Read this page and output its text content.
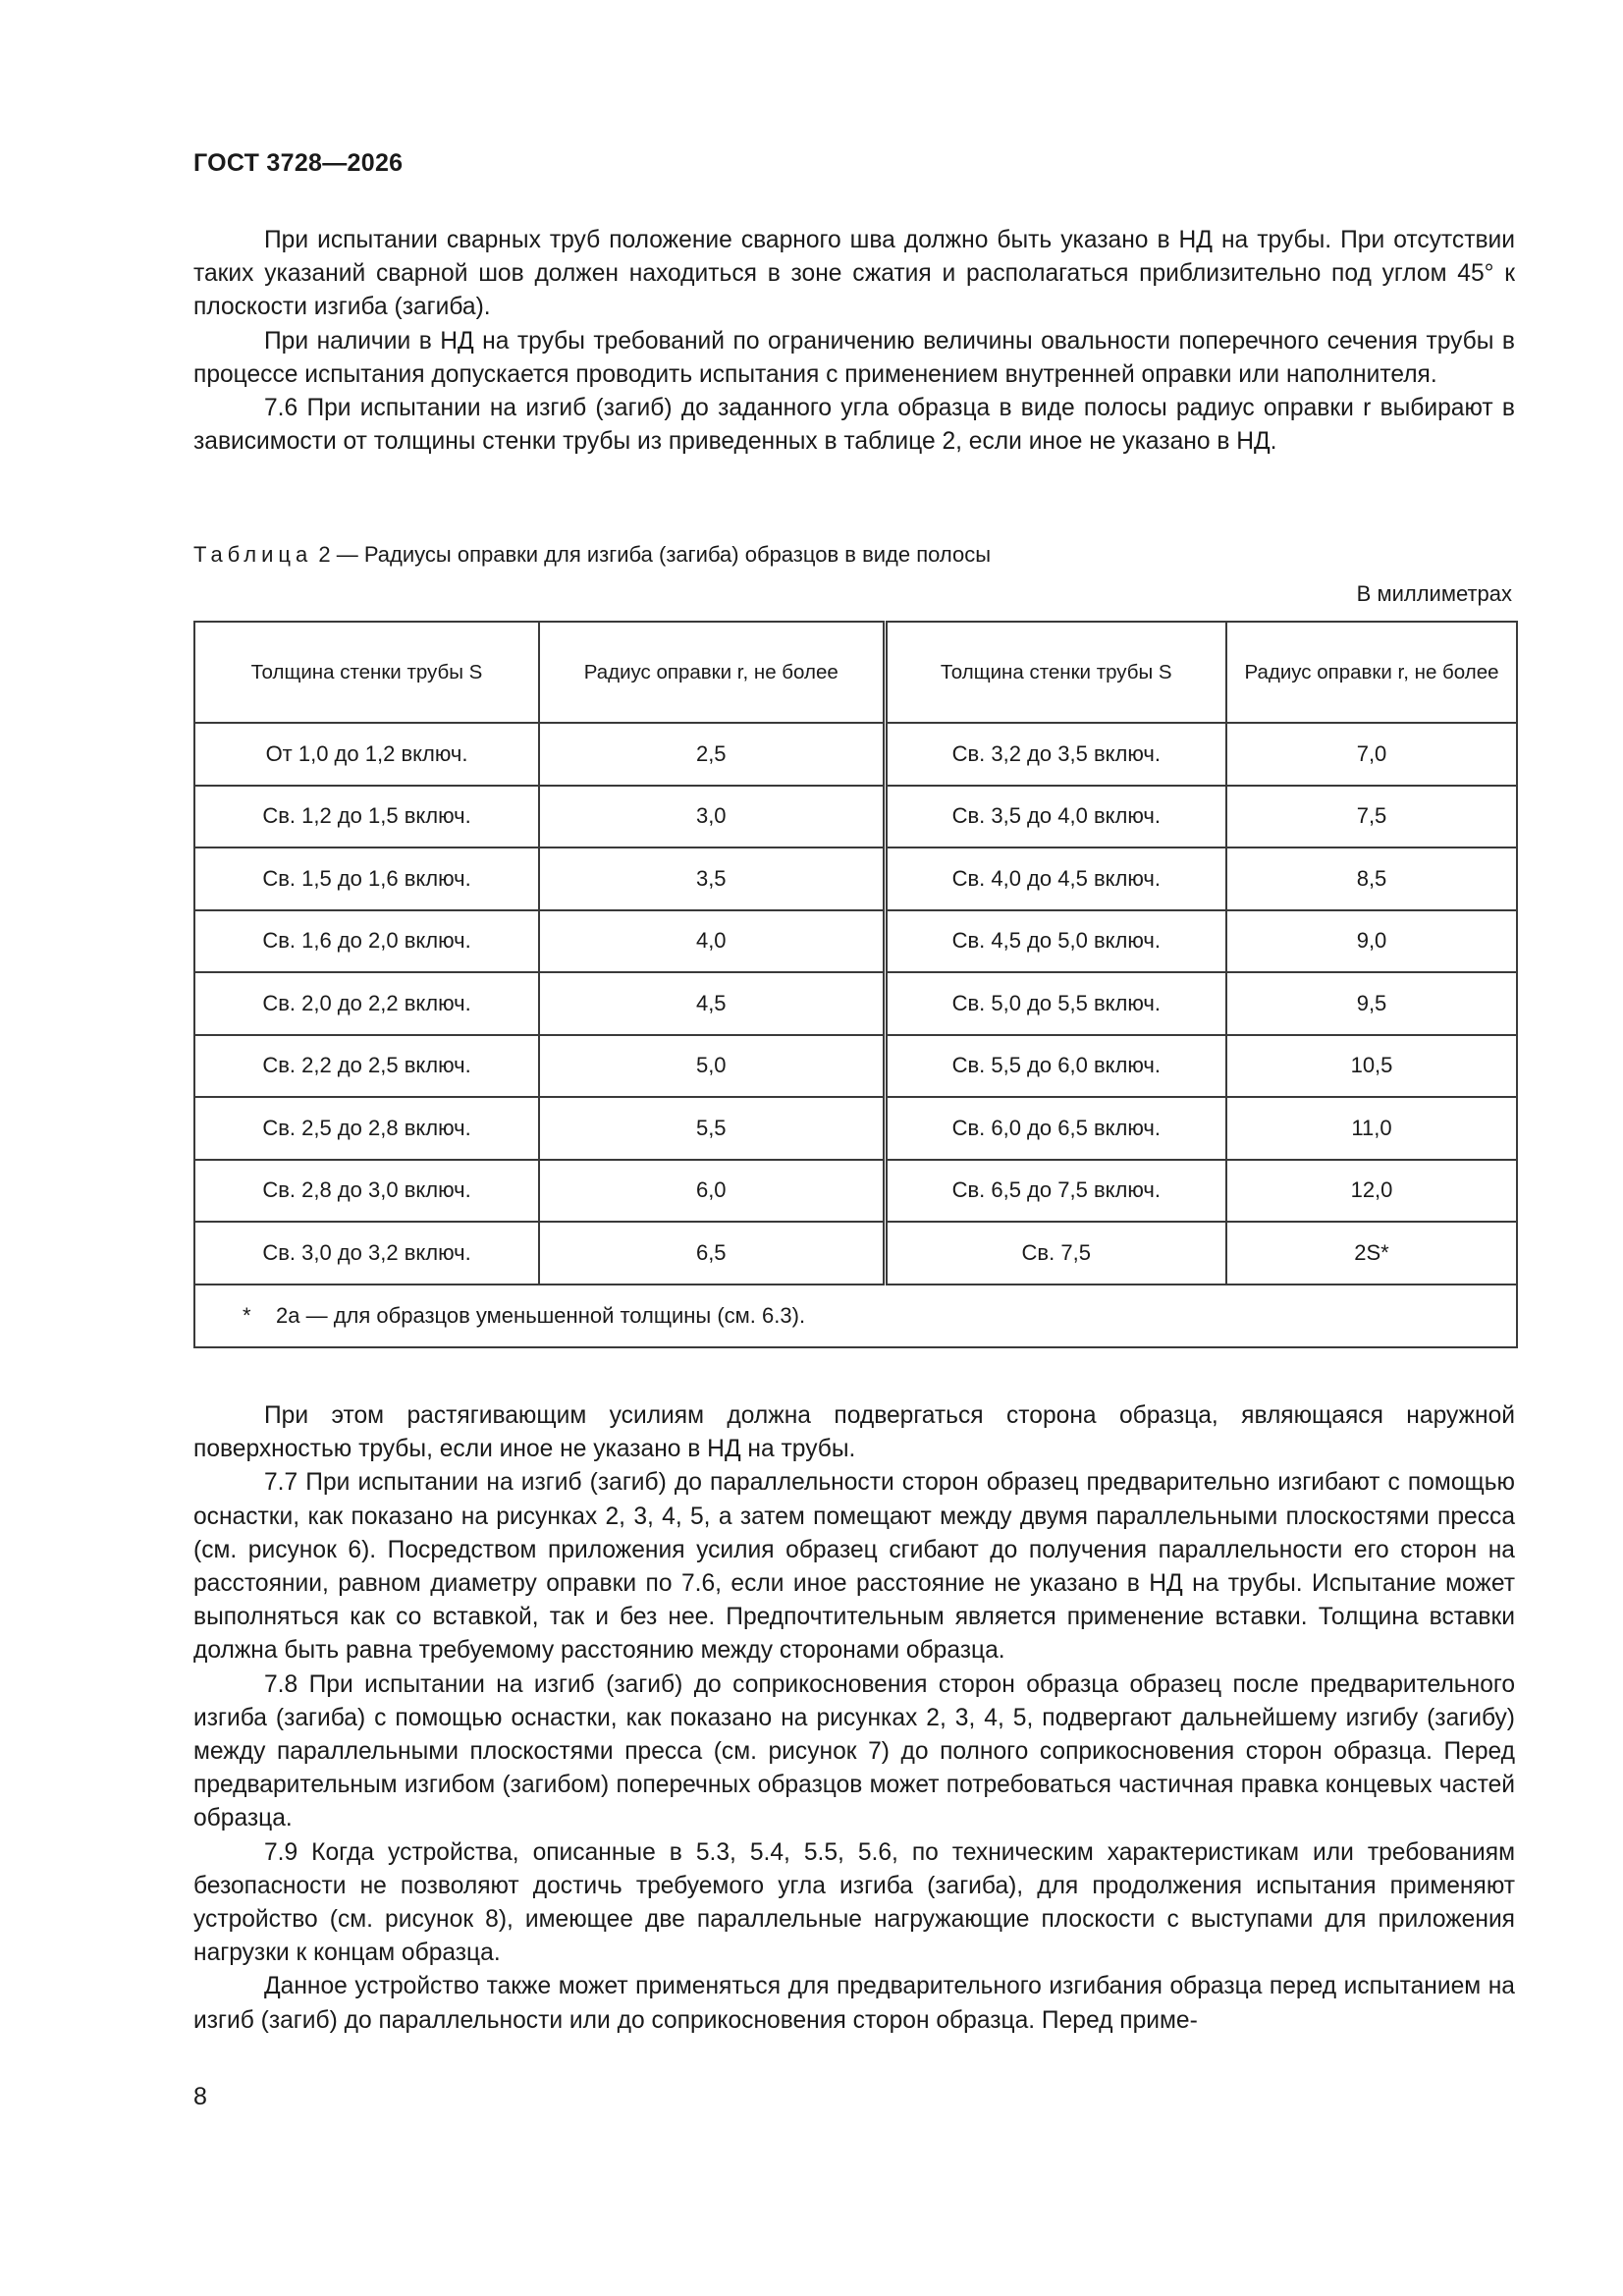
ГОСТ 3728—2026

При испытании сварных труб положение сварного шва должно быть указано в НД на трубы. При отсутствии таких указаний сварной шов должен находиться в зоне сжатия и располагаться приблизительно под углом 45° к плоскости изгиба (загиба).

При наличии в НД на трубы требований по ограничению величины овальности поперечного сечения трубы в процессе испытания допускается проводить испытания с применением внутренней оправки или наполнителя.

7.6 При испытании на изгиб (загиб) до заданного угла образца в виде полосы радиус оправки r выбирают в зависимости от толщины стенки трубы из приведенных в таблице 2, если иное не указано в НД.

Таблица 2 — Радиусы оправки для изгиба (загиба) образцов в виде полосы
В миллиметрах
Толщина стенки трубы S	Радиус оправки r, не более	Толщина стенки трубы S	Радиус оправки r, не более
От 1,0 до 1,2 включ.	2,5	Св. 3,2 до 3,5 включ.	7,0
Св. 1,2 до 1,5 включ.	3,0	Св. 3,5 до 4,0 включ.	7,5
Св. 1,5 до 1,6 включ.	3,5	Св. 4,0 до 4,5 включ.	8,5
Св. 1,6 до 2,0 включ.	4,0	Св. 4,5 до 5,0 включ.	9,0
Св. 2,0 до 2,2 включ.	4,5	Св. 5,0 до 5,5 включ.	9,5
Св. 2,2 до 2,5 включ.	5,0	Св. 5,5 до 6,0 включ.	10,5
Св. 2,5 до 2,8 включ.	5,5	Св. 6,0 до 6,5 включ.	11,0
Св. 2,8 до 3,0 включ.	6,0	Св. 6,5 до 7,5 включ.	12,0
Св. 3,0 до 3,2 включ.	6,5	Св. 7,5	2S*
* 2а — для образцов уменьшенной толщины (см. 6.3).			

При этом растягивающим усилиям должна подвергаться сторона образца, являющаяся наружной поверхностью трубы, если иное не указано в НД на трубы.

7.7 При испытании на изгиб (загиб) до параллельности сторон образец предварительно изгибают с помощью оснастки, как показано на рисунках 2, 3, 4, 5, а затем помещают между двумя параллельными плоскостями пресса (см. рисунок 6). Посредством приложения усилия образец сгибают до получения параллельности его сторон на расстоянии, равном диаметру оправки по 7.6, если иное расстояние не указано в НД на трубы. Испытание может выполняться как со вставкой, так и без нее. Предпочтительным является применение вставки. Толщина вставки должна быть равна требуемому расстоянию между сторонами образца.

7.8 При испытании на изгиб (загиб) до соприкосновения сторон образца образец после предварительного изгиба (загиба) с помощью оснастки, как показано на рисунках 2, 3, 4, 5, подвергают дальнейшему изгибу (загибу) между параллельными плоскостями пресса (см. рисунок 7) до полного соприкосновения сторон образца. Перед предварительным изгибом (загибом) поперечных образцов может потребоваться частичная правка концевых частей образца.

7.9 Когда устройства, описанные в 5.3, 5.4, 5.5, 5.6, по техническим характеристикам или требованиям безопасности не позволяют достичь требуемого угла изгиба (загиба), для продолжения испытания применяют устройство (см. рисунок 8), имеющее две параллельные нагружающие плоскости с выступами для приложения нагрузки к концам образца.

Данное устройство также может применяться для предварительного изгибания образца перед испытанием на изгиб (загиб) до параллельности или до соприкосновения сторон образца. Перед приме-

8
